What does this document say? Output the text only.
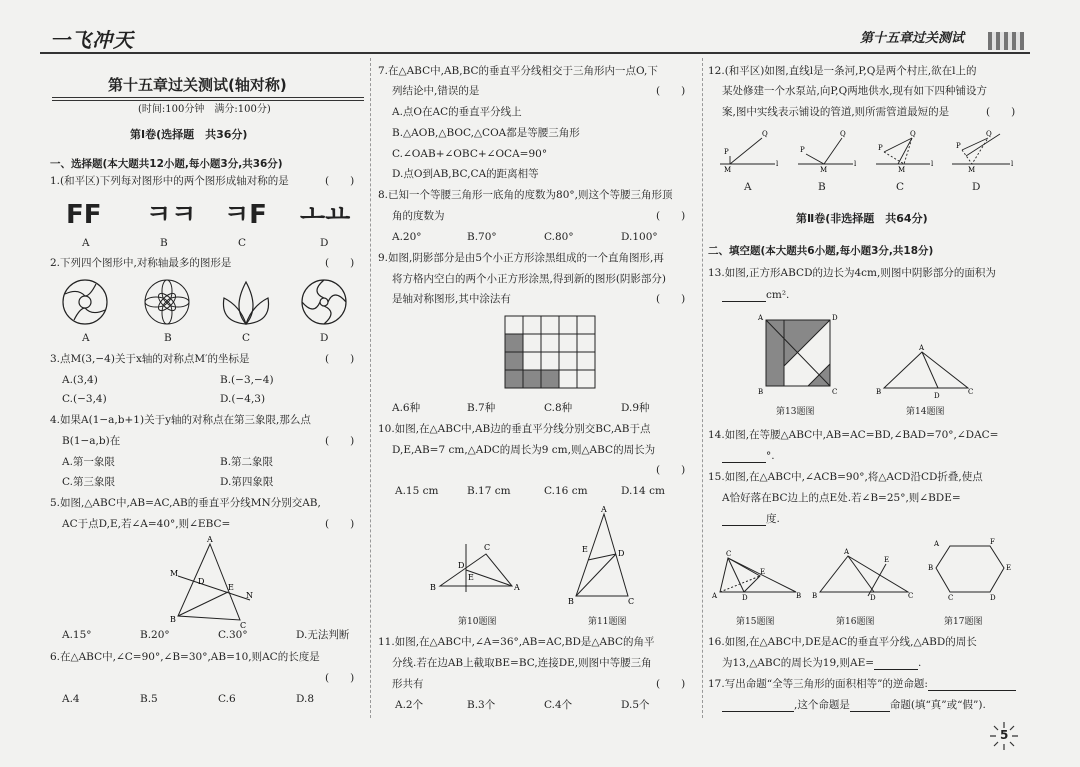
一飞冲天	第十五章过关测试
第十五章过关测试(轴对称)
(时间:100分钟　满分:100分)
第Ⅰ卷(选择题　共36分)
一、选择题(本大题共12小题,每小题3分,共36分)
1.(和平区)下列每对图形中的两个图形成轴对称的是	(　　)
FF ㅋㅋ ㅋF ㅗㅛ
A	B	C	D
2.下列四个图形中,对称轴最多的图形是	(　　)
A	B	C	D
3.点M(3,−4)关于x轴的对称点M′的坐标是	(　　)
A.(3,4)	B.(−3,−4)
C.(−3,4)	D.(−4,3)
4.如果A(1−a,b+1)关于y轴的对称点在第三象限,那么点
B(1−a,b)在	(　　)
A.第一象限	B.第二象限
C.第三象限	D.第四象限
5.如图,△ABC中,AB=AC,AB的垂直平分线MN分别交AB,
AC于点D,E,若∠A=40°,则∠EBC=	(　　)
A
B
C
D
E
M
N
A.15°	B.20°	C.30°	D.无法判断
6.在△ABC中,∠C=90°,∠B=30°,AB=10,则AC的长度是
(　　)
A.4	B.5	C.6	D.8
7.在△ABC中,AB,BC的垂直平分线相交于三角形内一点O,下
列结论中,错误的是	(　　)
A.点O在AC的垂直平分线上
B.△AOB,△BOC,△COA都是等腰三角形
C.∠OAB+∠OBC+∠OCA=90°
D.点O到AB,BC,CA的距离相等
8.已知一个等腰三角形一底角的度数为80°,则这个等腰三角形顶
角的度数为	(　　)
A.20°	B.70°	C.80°	D.100°
9.如图,阴影部分是由5个小正方形涂黑组成的一个直角图形,再
将方格内空白的两个小正方形涂黑,得到新的图形(阴影部分)
是轴对称图形,其中涂法有	(　　)
A.6种	B.7种	C.8种	D.9种
10.如图,在△ABC中,AB边的垂直平分线分别交BC,AB于点
D,E,AB=7 cm,△ADC的周长为9 cm,则△ABC的周长为
(　　)
A.15 cm	B.17 cm	C.16 cm	D.14 cm
B
C
A
D
E
第10题图
A
B	C
D
E
第11题图
11.如图,在△ABC中,∠A=36°,AB=AC,BD是△ABC的角平
分线.若在边AB上截取BE=BC,连接DE,则图中等腰三角
形共有	(　　)
A.2个	B.3个	C.4个	D.5个
12.(和平区)如图,直线l是一条河,P,Q是两个村庄,欲在l上的
某处修建一个水泵站,向P,Q两地供水,现有如下四种铺设方
案,图中实线表示铺设的管道,则所需管道最短的是	(　　)
P
Q
M
l
P
Q
M
l
P
Q
M
l
P
Q
M
l
A	B	C	D
第Ⅱ卷(非选择题　共64分)
二、填空题(本大题共6小题,每小题3分,共18分)
13.如图,正方形ABCD的边长为4cm,则图中阴影部分的面积为
cm².
A	D
B	C
第13题图
A
B	D	C
第14题图
14.如图,在等腰△ABC中,AB=AC=BD,∠BAD=70°,∠DAC=
°.
15.如图,在△ABC中,∠ACB=90°,将△ACD沿CD折叠,使点
A恰好落在BC边上的点E处.若∠B=25°,则∠BDE=
度.
C
A	D
E
B
第15题图
A
B	D
E
C
第16题图
A	F
E
D
C
B
第17题图
16.如图,在△ABC中,DE是AC的垂直平分线,△ABD的周长
为13,△ABC的周长为19,则AE=	.
17.写出命题“全等三角形的面积相等”的逆命题:
,这个命题是	命题(填“真”或“假”).
5
